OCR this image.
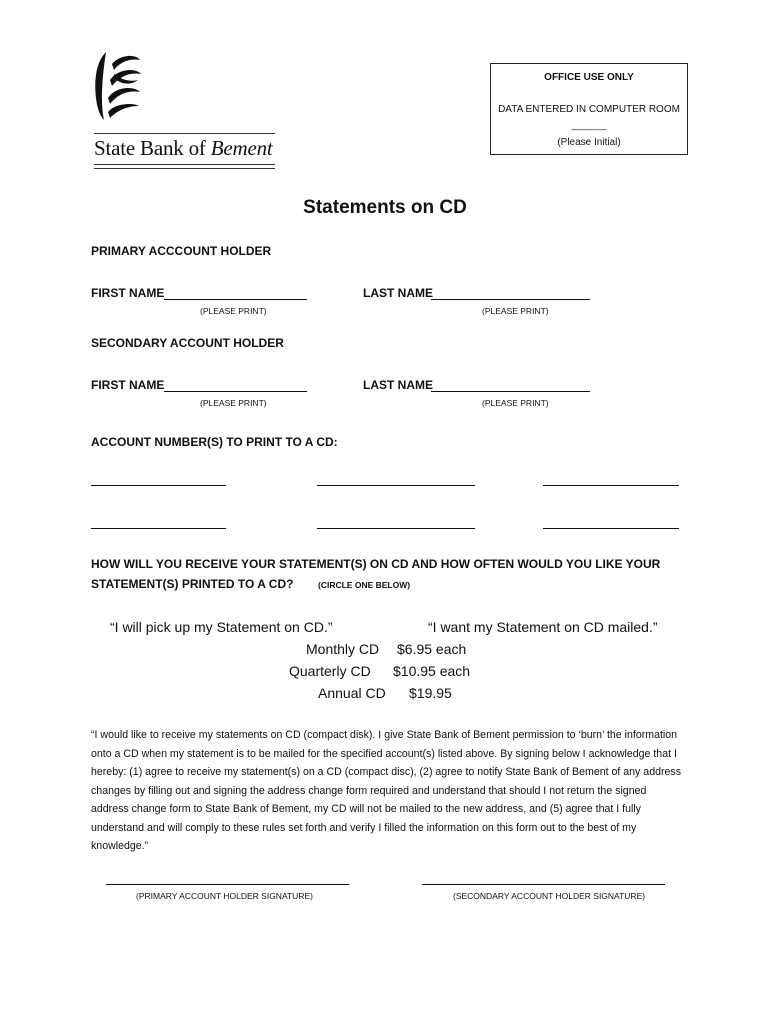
State Bank of Bement
OFFICE USE ONLY
DATA ENTERED IN COMPUTER ROOM
_______
(Please Initial)
Statements on CD
PRIMARY ACCCOUNT HOLDER
FIRST NAME
(PLEASE PRINT)
LAST NAME
(PLEASE PRINT)
SECONDARY ACCOUNT HOLDER
FIRST NAME
(PLEASE PRINT)
LAST NAME
(PLEASE PRINT)
ACCOUNT NUMBER(S) TO PRINT TO A CD:
HOW WILL YOU RECEIVE YOUR STATEMENT(S) ON CD AND HOW OFTEN WOULD YOU LIKE YOUR
STATEMENT(S) PRINTED TO A CD?	(CIRCLE ONE BELOW)
“I will pick up my Statement on CD.”	“I want my Statement on CD mailed.”
Monthly CD $6.95 each
Quarterly CD $10.95 each
Annual CD $19.95
“I would like to receive my statements on CD (compact disk). I give State Bank of Bement permission to ‘burn’ the information onto a CD when my statement is to be mailed for the specified account(s) listed above. By signing below I acknowledge that I hereby: (1) agree to receive my statement(s) on a CD (compact disc), (2) agree to notify State Bank of Bement of any address changes by filling out and signing the address change form required and understand that should I not return the signed address change form to State Bank of Bement, my CD will not be mailed to the new address, and (5) agree that I fully understand and will comply to these rules set forth and verify I filled the information on this form out to the best of my knowledge.”
(PRIMARY ACCOUNT HOLDER SIGNATURE)	(SECONDARY ACCOUNT HOLDER SIGNATURE)
